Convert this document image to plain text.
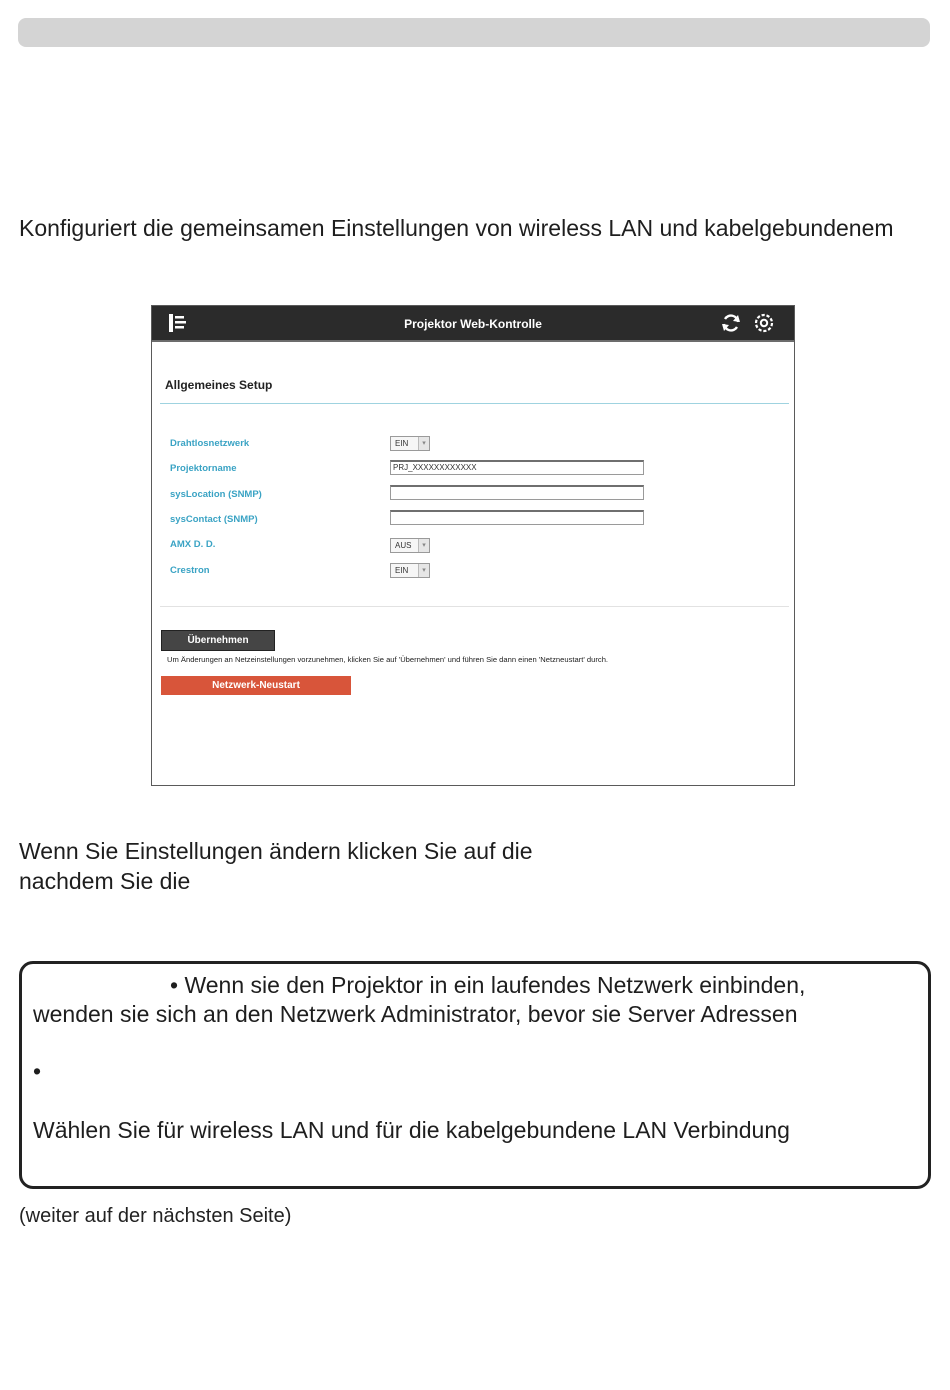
Konfiguriert die gemeinsamen Einstellungen von wireless LAN und kabelgebundenem
Projektor Web-Kontrolle
Allgemeines Setup
Drahtlosnetzwerk	EIN	▾
Projektorname	PRJ_XXXXXXXXXXXX
sysLocation (SNMP)
sysContact (SNMP)
AMX D. D.	AUS	▾
Crestron	EIN	▾
Übernehmen
Um Änderungen an Netzeinstellungen vorzunehmen, klicken Sie auf 'Übernehmen' und führen Sie dann einen 'Netzneustart' durch.
Netzwerk-Neustart
Wenn Sie Einstellungen ändern klicken Sie auf die
nachdem Sie die
• Wenn sie den Projektor in ein laufendes Netzwerk einbinden,
wenden sie sich an den Netzwerk Administrator, bevor sie Server Adressen
•
Wählen Sie für wireless LAN und für die kabelgebundene LAN Verbindung
(weiter auf der nächsten Seite)
